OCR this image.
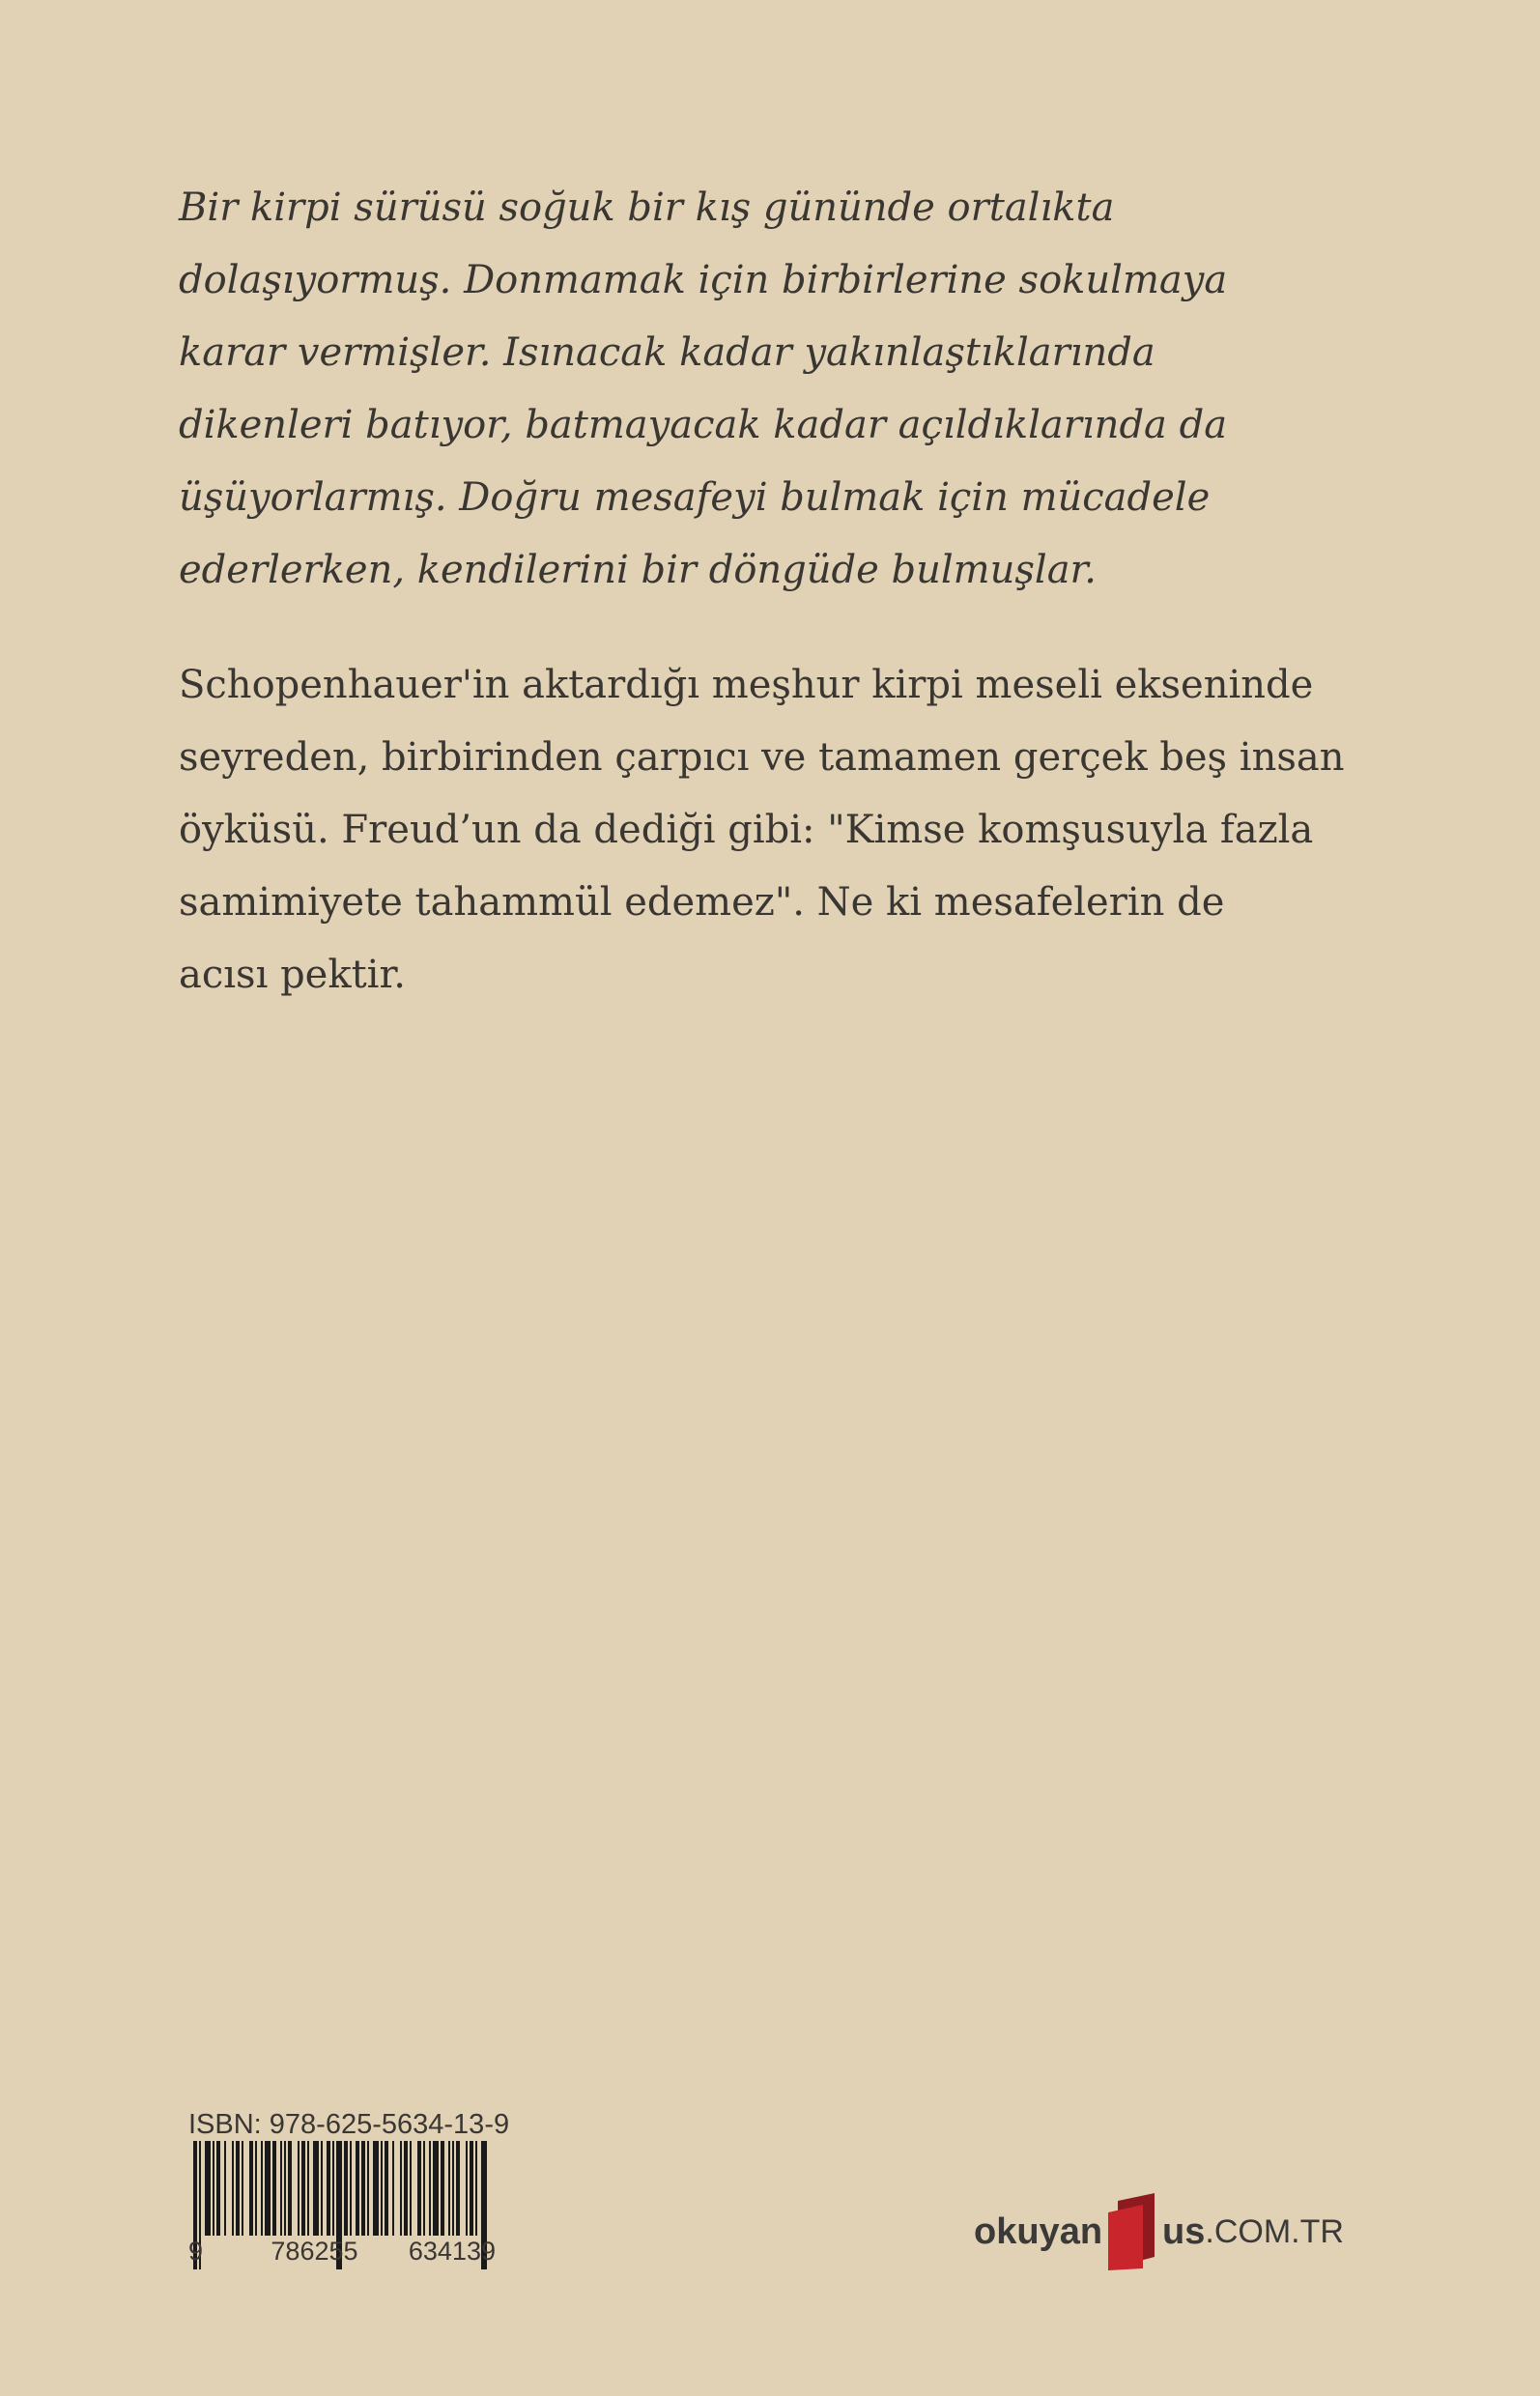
Bir kirpi sürüsü soğuk bir kış gününde ortalıkta
dolaşıyormuş. Donmamak için birbirlerine sokulmaya
karar vermişler. Isınacak kadar yakınlaştıklarında
dikenleri batıyor, batmayacak kadar açıldıklarında da
üşüyorlarmış. Doğru mesafeyi bulmak için mücadele
ederlerken, kendilerini bir döngüde bulmuşlar.

Schopenhauer'in aktardığı meşhur kirpi meseli ekseninde
seyreden, birbirinden çarpıcı ve tamamen gerçek beş insan
öyküsü. Freud’un da dediği gibi: "Kimse komşusuyla fazla
samimiyete tahammül edemez". Ne ki mesafelerin de
acısı pektir.

ISBN: 978-625-5634-13-9
9	786255 634139	okuyan us .COM.TR
